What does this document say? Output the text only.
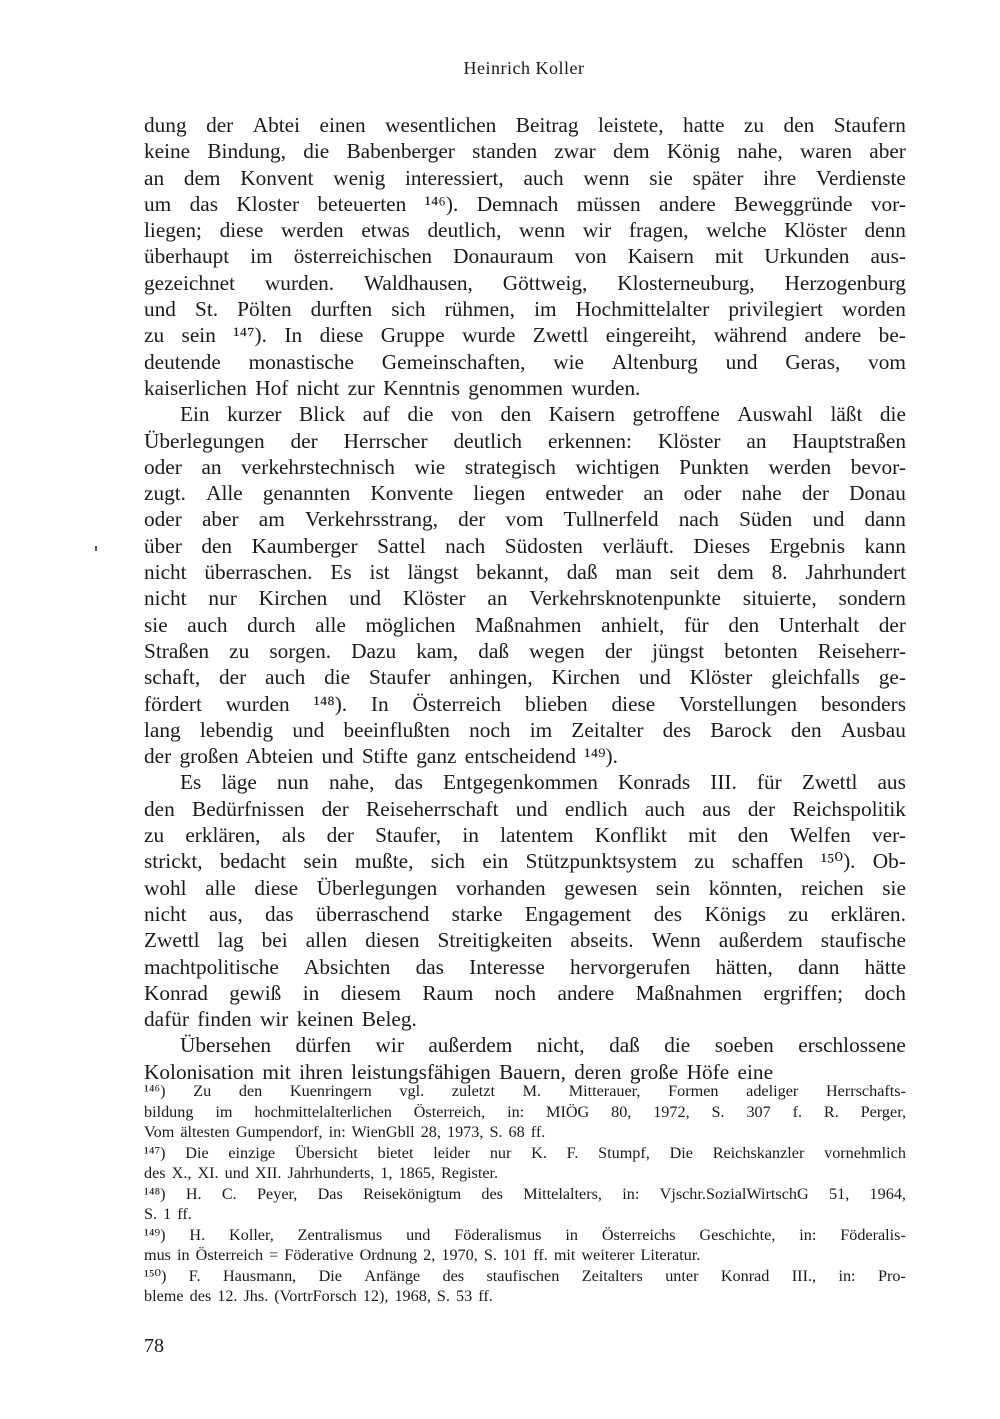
Heinrich Koller
dung der Abtei einen wesentlichen Beitrag leistete, hatte zu den Staufern
keine Bindung, die Babenberger standen zwar dem König nahe, waren aber
an dem Konvent wenig interessiert, auch wenn sie später ihre Verdienste
um das Kloster beteuerten ¹⁴⁶). Demnach müssen andere Beweggründe vor-
liegen; diese werden etwas deutlich, wenn wir fragen, welche Klöster denn
überhaupt im österreichischen Donauraum von Kaisern mit Urkunden aus-
gezeichnet wurden. Waldhausen, Göttweig, Klosterneuburg, Herzogenburg
und St. Pölten durften sich rühmen, im Hochmittelalter privilegiert worden
zu sein ¹⁴⁷). In diese Gruppe wurde Zwettl eingereiht, während andere be-
deutende monastische Gemeinschaften, wie Altenburg und Geras, vom
kaiserlichen Hof nicht zur Kenntnis genommen wurden.
Ein kurzer Blick auf die von den Kaisern getroffene Auswahl läßt die
Überlegungen der Herrscher deutlich erkennen: Klöster an Hauptstraßen
oder an verkehrstechnisch wie strategisch wichtigen Punkten werden bevor-
zugt. Alle genannten Konvente liegen entweder an oder nahe der Donau
oder aber am Verkehrsstrang, der vom Tullnerfeld nach Süden und dann
über den Kaumberger Sattel nach Südosten verläuft. Dieses Ergebnis kann
nicht überraschen. Es ist längst bekannt, daß man seit dem 8. Jahrhundert
nicht nur Kirchen und Klöster an Verkehrsknotenpunkte situierte, sondern
sie auch durch alle möglichen Maßnahmen anhielt, für den Unterhalt der
Straßen zu sorgen. Dazu kam, daß wegen der jüngst betonten Reiseherr-
schaft, der auch die Staufer anhingen, Kirchen und Klöster gleichfalls ge-
fördert wurden ¹⁴⁸). In Österreich blieben diese Vorstellungen besonders
lang lebendig und beeinflußten noch im Zeitalter des Barock den Ausbau
der großen Abteien und Stifte ganz entscheidend ¹⁴⁹).
Es läge nun nahe, das Entgegenkommen Konrads III. für Zwettl aus
den Bedürfnissen der Reiseherrschaft und endlich auch aus der Reichspolitik
zu erklären, als der Staufer, in latentem Konflikt mit den Welfen ver-
strickt, bedacht sein mußte, sich ein Stützpunktsystem zu schaffen ¹⁵⁰). Ob-
wohl alle diese Überlegungen vorhanden gewesen sein könnten, reichen sie
nicht aus, das überraschend starke Engagement des Königs zu erklären.
Zwettl lag bei allen diesen Streitigkeiten abseits. Wenn außerdem staufische
machtpolitische Absichten das Interesse hervorgerufen hätten, dann hätte
Konrad gewiß in diesem Raum noch andere Maßnahmen ergriffen; doch
dafür finden wir keinen Beleg.
Übersehen dürfen wir außerdem nicht, daß die soeben erschlossene
Kolonisation mit ihren leistungsfähigen Bauern, deren große Höfe eine
¹⁴⁶) Zu den Kuenringern vgl. zuletzt M. Mitterauer, Formen adeliger Herrschafts-
bildung im hochmittelalterlichen Österreich, in: MIÖG 80, 1972, S. 307 f. R. Perger,
Vom ältesten Gumpendorf, in: WienGbll 28, 1973, S. 68 ff.
¹⁴⁷) Die einzige Übersicht bietet leider nur K. F. Stumpf, Die Reichskanzler vornehmlich
des X., XI. und XII. Jahrhunderts, 1, 1865, Register.
¹⁴⁸) H. C. Peyer, Das Reisekönigtum des Mittelalters, in: Vjschr.SozialWirtschG 51, 1964,
S. 1 ff.
¹⁴⁹) H. Koller, Zentralismus und Föderalismus in Österreichs Geschichte, in: Föderalis-
mus in Österreich = Föderative Ordnung 2, 1970, S. 101 ff. mit weiterer Literatur.
¹⁵⁰) F. Hausmann, Die Anfänge des staufischen Zeitalters unter Konrad III., in: Pro-
bleme des 12. Jhs. (VortrForsch 12), 1968, S. 53 ff.
78
